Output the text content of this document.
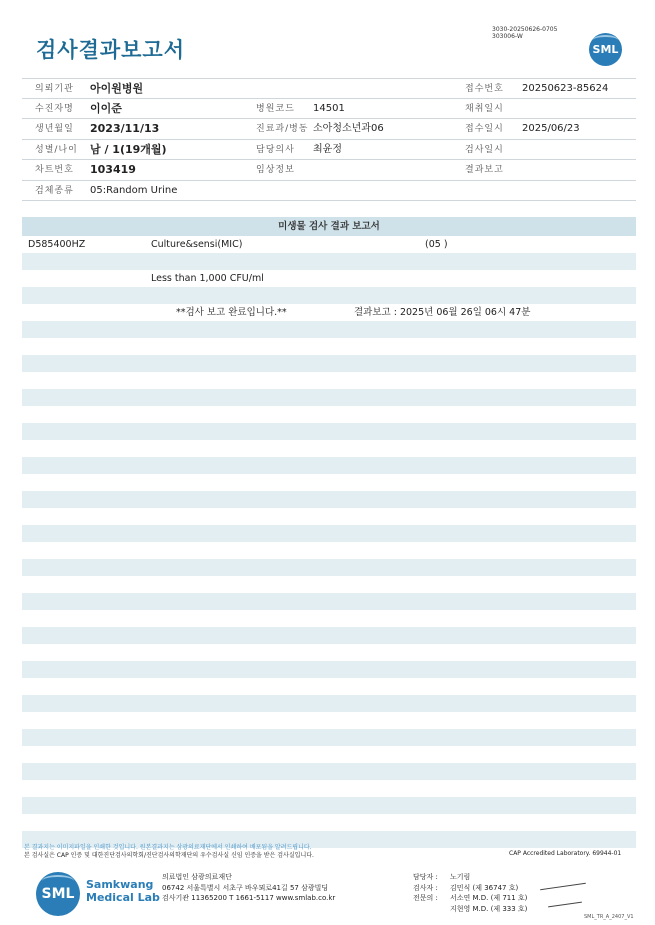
검사결과보고서
3030-20250626-0705
303006-W
SML
의뢰기관 아이원병원	접수번호 20250623-85624
수진자명 이이준	병원코드 14501	채취일시
생년월일 2023/11/13	진료과/병동 소아청소년과06	접수일시 2025/06/23
성별/나이 남 / 1(19개월)	담당의사 최윤정	검사일시
차트번호 103419	임상정보	결과보고
검체종류 05:Random Urine
미생물 검사 결과 보고서
D585400HZ	Culture&sensi(MIC)	(05 )
Less than 1,000 CFU/ml
**검사 보고 완료입니다.**	결과보고 : 2025년 06월 26일 06시 47분
본 결과지는 이미지파일을 인쇄한 것입니다. 원본결과지는 삼광의료재단에서 인쇄하여 배포됨을 알려드립니다.
본 검사실은 CAP 인증 및 대한진단검사의학회/진단검사의학재단의 우수검사실 신임 인증을 받은 검사실입니다.	CAP Accredited Laboratory. 69944-01
SML
Samkwang
Medical Lab
의료법인 삼광의료재단
06742 서울특별시 서초구 바우뫼로41길 57 삼광빌딩
검사기관 11365200 T 1661-5117 www.smlab.co.kr
담당자 : 노기림
검사자 : 김민식 (제 36747 호)
전문의 : 서소연 M.D. (제 711 호)
지현영 M.D. (제 333 호)
SML_TR_A_2407_V1
